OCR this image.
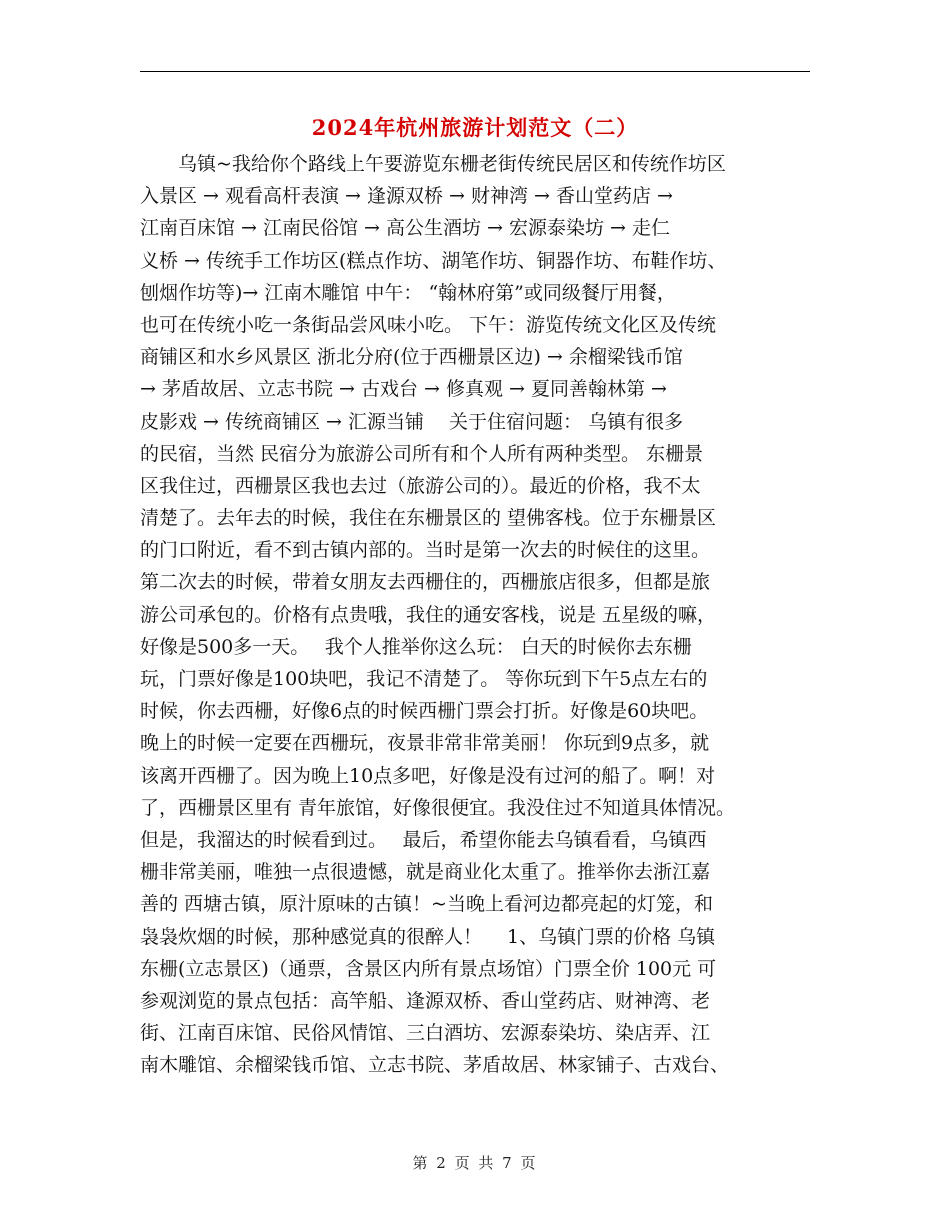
2024年杭州旅游计划范文（二）
　　乌镇~我给你个路线上午要游览东栅老街传统民居区和传统作坊区
入景区 → 观看高杆表演 → 逢源双桥 → 财神湾 → 香山堂药店 →
江南百床馆 → 江南民俗馆 → 高公生酒坊 → 宏源泰染坊 → 走仁
义桥 → 传统手工作坊区(糕点作坊、湖笔作坊、铜器作坊、布鞋作坊、
刨烟作坊等)→ 江南木雕馆 中午： “翰林府第”或同级餐厅用餐，
也可在传统小吃一条街品尝风味小吃。 下午：游览传统文化区及传统
商铺区和水乡风景区 浙北分府(位于西栅景区边) → 余榴梁钱币馆
→ 茅盾故居、立志书院 → 古戏台 → 修真观 → 夏同善翰林第 →
皮影戏 → 传统商铺区 → 汇源当铺　 关于住宿问题： 乌镇有很多
的民宿，当然 民宿分为旅游公司所有和个人所有两种类型。 东栅景
区我住过，西栅景区我也去过（旅游公司的）。最近的价格，我不太
清楚了。去年去的时候，我住在东栅景区的 望佛客栈。位于东栅景区
的门口附近，看不到古镇内部的。当时是第一次去的时候住的这里。
第二次去的时候，带着女朋友去西栅住的，西栅旅店很多，但都是旅
游公司承包的。价格有点贵哦，我住的通安客栈，说是 五星级的嘛，
好像是500多一天。　 我个人推举你这么玩： 白天的时候你去东栅
玩，门票好像是100块吧，我记不清楚了。 等你玩到下午5点左右的
时候，你去西栅，好像6点的时候西栅门票会打折。好像是60块吧。
晚上的时候一定要在西栅玩，夜景非常非常美丽！ 你玩到9点多，就
该离开西栅了。因为晚上10点多吧，好像是没有过河的船了。啊！对
了，西栅景区里有 青年旅馆，好像很便宜。我没住过不知道具体情况。
但是，我溜达的时候看到过。　 最后，希望你能去乌镇看看，乌镇西
栅非常美丽，唯独一点很遗憾，就是商业化太重了。推举你去浙江嘉
善的 西塘古镇，原汁原味的古镇！~当晚上看河边都亮起的灯笼，和
袅袅炊烟的时候，那种感觉真的很醉人！　 1、乌镇门票的价格 乌镇
东栅(立志景区)（通票，含景区内所有景点场馆）门票全价 100元 可
参观浏览的景点包括：高竿船、逢源双桥、香山堂药店、财神湾、老
街、江南百床馆、民俗风情馆、三白酒坊、宏源泰染坊、染店弄、江
南木雕馆、余榴梁钱币馆、立志书院、茅盾故居、林家铺子、古戏台、
第 2 页 共 7 页
